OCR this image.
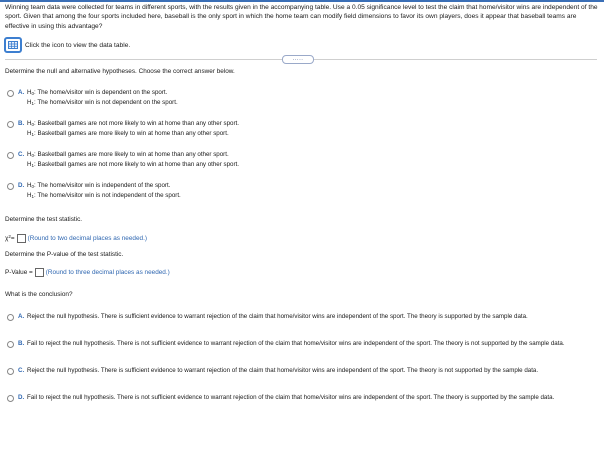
Winning team data were collected for teams in different sports, with the results given in the accompanying table. Use a 0.05 significance level to test the claim that home/visitor wins are independent of the sport. Given that among the four sports included here, baseball is the only sport in which the home team can modify field dimensions to favor its own players, does it appear that baseball teams are effective in using this advantage?
Click the icon to view the data table.
.....
Determine the null and alternative hypotheses. Choose the correct answer below.
A. $H_0$: The home/visitor win is dependent on the sport.
$H_1$: The home/visitor win is not dependent on the sport.
B. $H_0$: Basketball games are not more likely to win at home than any other sport.
$H_1$: Basketball games are more likely to win at home than any other sport.
C. $H_0$: Basketball games are more likely to win at home than any other sport.
$H_1$: Basketball games are not more likely to win at home than any other sport.
D. $H_0$: The home/visitor win is independent of the sport.
$H_1$: The home/visitor win is not independent of the sport.
Determine the test statistic.
$\chi^2=$ (Round to two decimal places as needed.)
Determine the P-value of the test statistic.
P-Value = (Round to three decimal places as needed.)
What is the conclusion?
A. Reject the null hypothesis. There is sufficient evidence to warrant rejection of the claim that home/visitor wins are independent of the sport. The theory is supported by the sample data.
B. Fail to reject the null hypothesis. There is not sufficient evidence to warrant rejection of the claim that home/visitor wins are independent of the sport. The theory is not supported by the sample data.
C. Reject the null hypothesis. There is sufficient evidence to warrant rejection of the claim that home/visitor wins are independent of the sport. The theory is not supported by the sample data.
D. Fail to reject the null hypothesis. There is not sufficient evidence to warrant rejection of the claim that home/visitor wins are independent of the sport. The theory is supported by the sample data.
